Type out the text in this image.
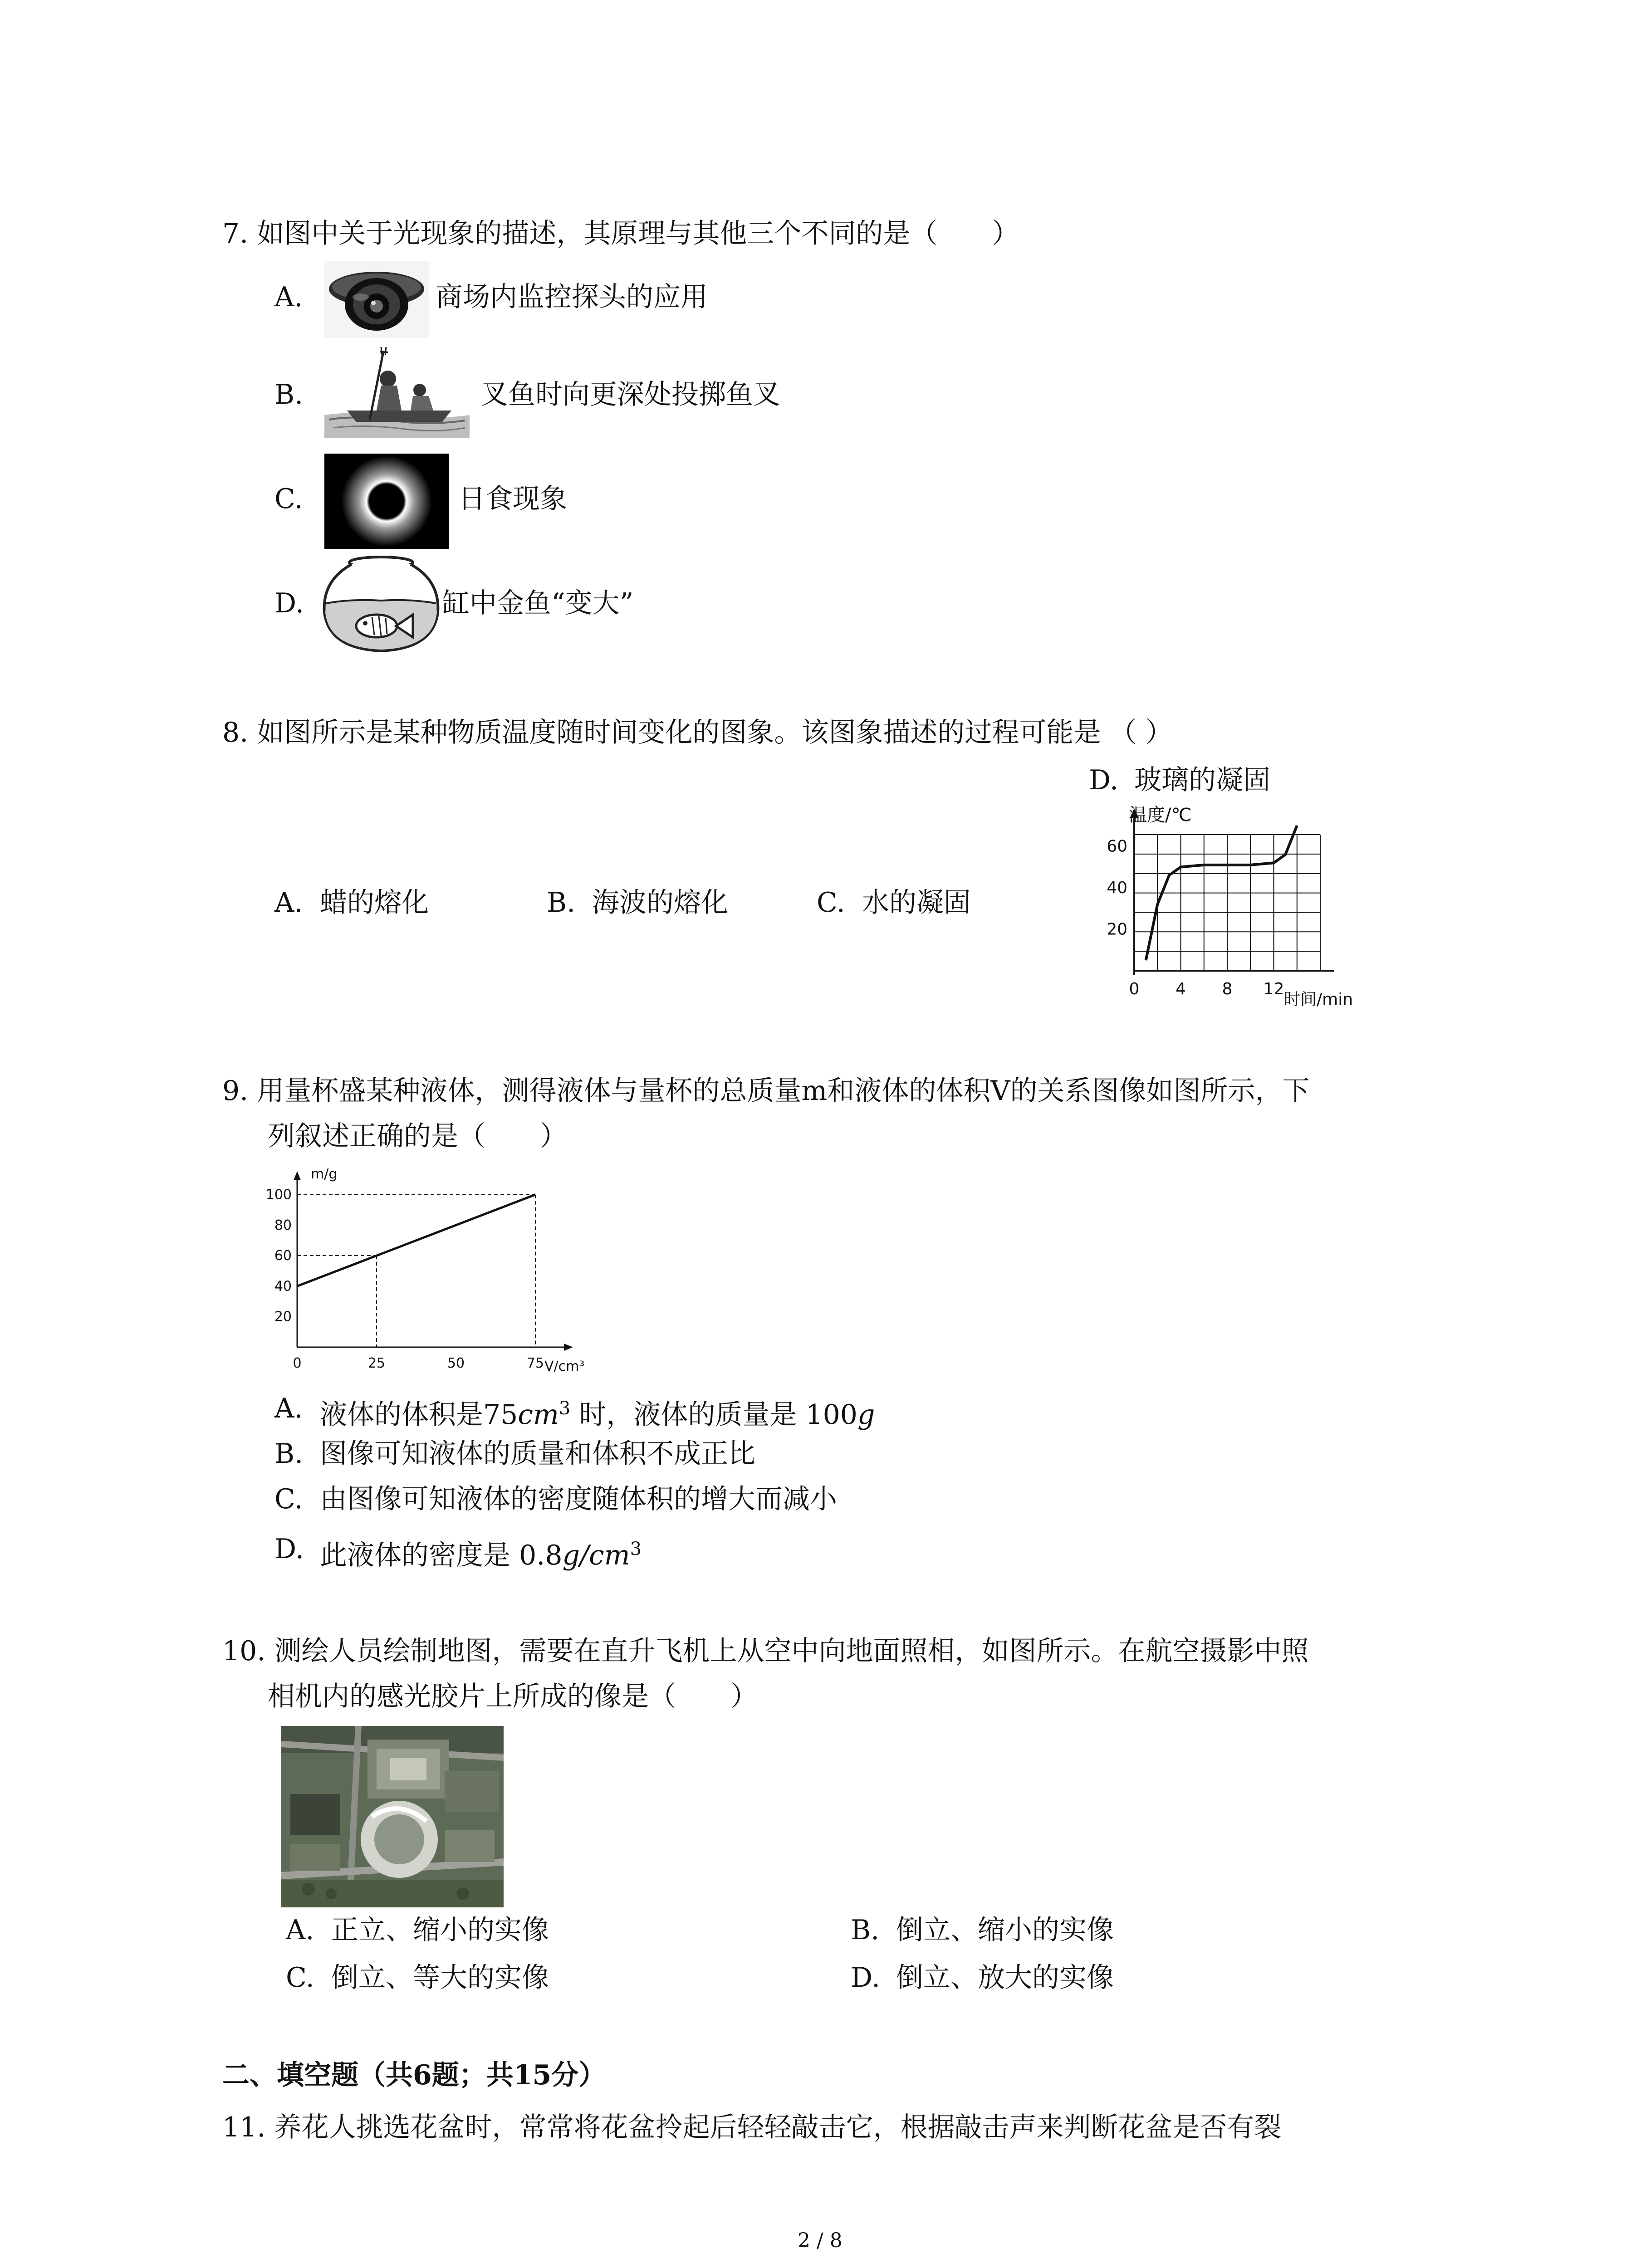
7. 如图中关于光现象的描述，其原理与其他三个不同的是（　　）
A.	商场内监控探头的应用
B.	叉鱼时向更深处投掷鱼叉
C.	日食现象
D.	缸中金鱼“变大”
8. 如图所示是某种物质温度随时间变化的图象。该图象描述的过程可能是 （ ）
A. 蜡的熔化	B. 海波的熔化	C. 水的凝固
D. 玻璃的凝固
0 4 8 12
20
40
60
温度/℃
时间/min
9. 用量杯盛某种液体，测得液体与量杯的总质量m和液体的体积V的关系图像如图所示，下
列叙述正确的是（　　）
0	25	50	75
20
40
60
80
100
m/g
V/cm³
A. 液体的体积是$75cm^3$ 时，液体的质量是 100g
B. 图像可知液体的质量和体积不成正比
C. 由图像可知液体的密度随体积的增大而减小
D. 此液体的密度是 $0.8g/cm^3$
10. 测绘人员绘制地图，需要在直升飞机上从空中向地面照相，如图所示。在航空摄影中照
相机内的感光胶片上所成的像是（　　）
A. 正立、缩小的实像	B. 倒立、缩小的实像
C. 倒立、等大的实像	D. 倒立、放大的实像
二、填空题（共6题；共15分）
11. 养花人挑选花盆时，常常将花盆拎起后轻轻敲击它，根据敲击声来判断花盆是否有裂
2 / 8
